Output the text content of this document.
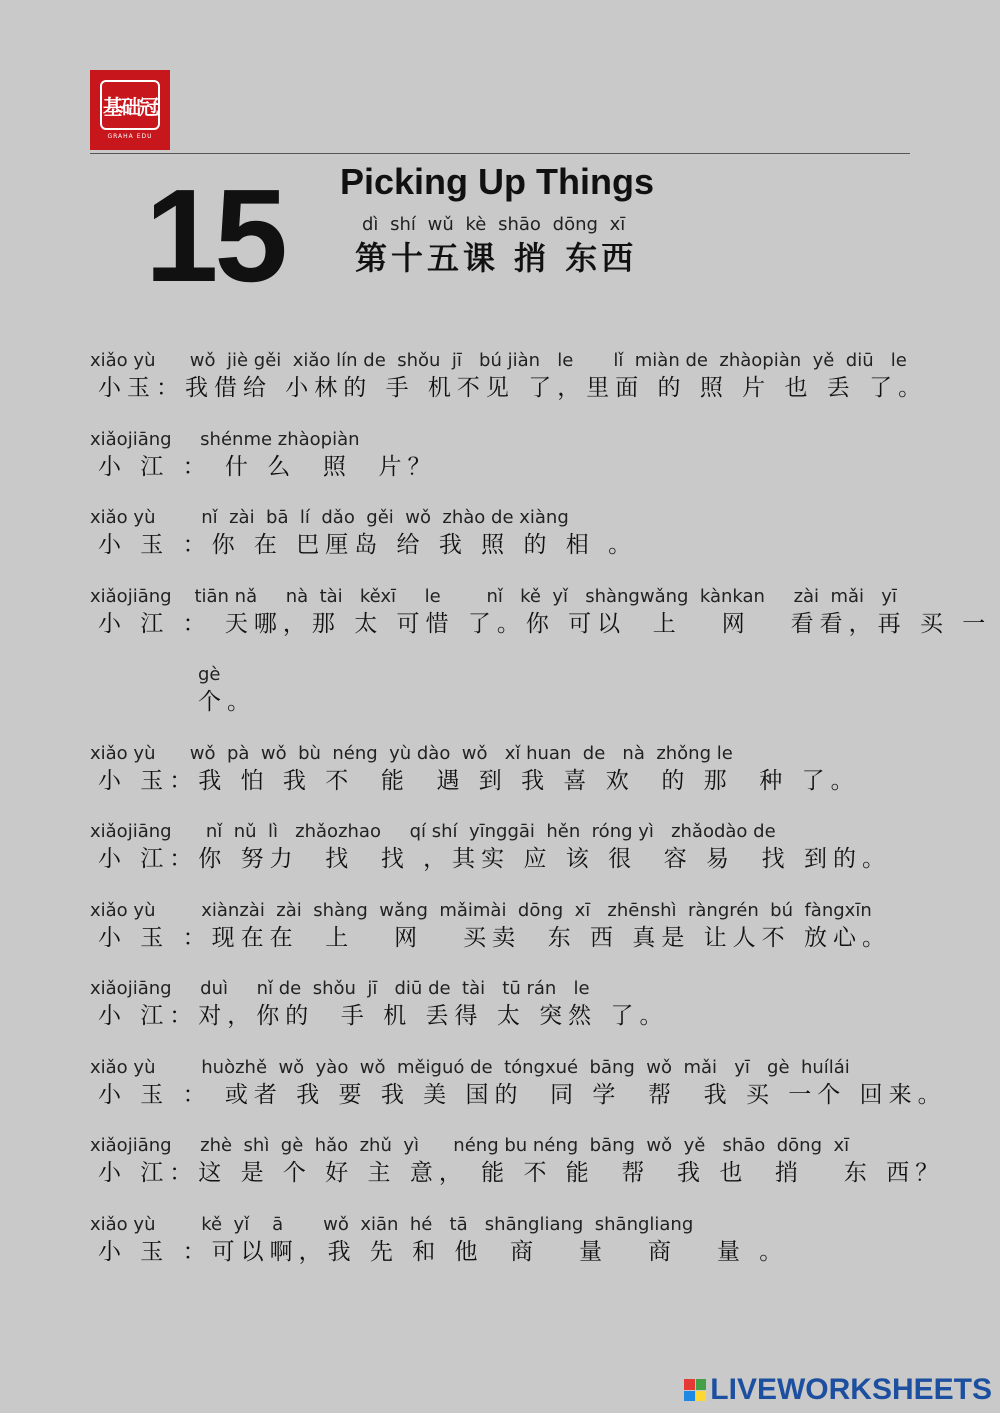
基础冠
GRAHA EDU
15 Picking Up Things
dì shí wǔ kè shāo dōng xī
第十五课 捎 东西
xiǎo yù      wǒ  jiè gěi  xiǎo lín de  shǒu  jī   bú jiàn   le       lǐ  miàn de  zhàopiàn  yě  diū   le
小玉：我借给 小林的 手 机不见 了，里面 的 照 片 也 丢 了。
xiǎojiāng     shénme zhàopiàn
小 江 ： 什 么  照  片？
xiǎo yù        nǐ  zài  bā  lí  dǎo  gěi  wǒ  zhào de xiàng
小 玉 ：你 在 巴厘岛 给 我 照 的 相 。
xiǎojiāng    tiān nǎ     nà  tài   kěxī     le        nǐ   kě  yǐ   shàngwǎng  kànkan     zài  mǎi   yī
小 江 ： 天哪，那 太 可惜 了。你 可以  上   网   看看，再 买 一
gè
个。
xiǎo yù      wǒ  pà  wǒ  bù  néng  yù dào  wǒ   xǐ huan  de   nà  zhǒng le
小 玉：我 怕 我 不  能  遇 到 我 喜 欢  的 那  种 了。
xiǎojiāng      nǐ  nǔ  lì   zhǎozhao     qí shí  yīnggāi  hěn  róng yì   zhǎodào de
小 江：你 努力  找  找 ，其实 应 该 很  容 易  找 到的。
xiǎo yù        xiànzài  zài  shàng  wǎng  mǎimài  dōng  xī   zhēnshì  ràngrén  bú  fàngxīn
小 玉 ：现在在  上   网   买卖  东 西 真是 让人不 放心。
xiǎojiāng     duì     nǐ de  shǒu  jī   diū de  tài   tū rán   le
小 江：对，你的  手 机 丢得 太 突然 了。
xiǎo yù        huòzhě  wǒ  yào  wǒ  měiguó de  tóngxué  bāng  wǒ  mǎi   yī   gè  huílái
小 玉 ： 或者 我 要 我 美 国的  同 学  帮  我 买 一个 回来。
xiǎojiāng     zhè  shì  gè  hǎo  zhǔ  yì      néng bu néng  bāng  wǒ  yě   shāo  dōng  xī
小 江：这 是 个 好 主 意， 能 不 能  帮  我 也  捎   东 西？
xiǎo yù        kě  yǐ    ā       wǒ  xiān  hé   tā   shāngliang  shāngliang
小 玉 ：可以啊，我 先 和 他  商   量   商   量 。
LIVEWORKSHEETS
